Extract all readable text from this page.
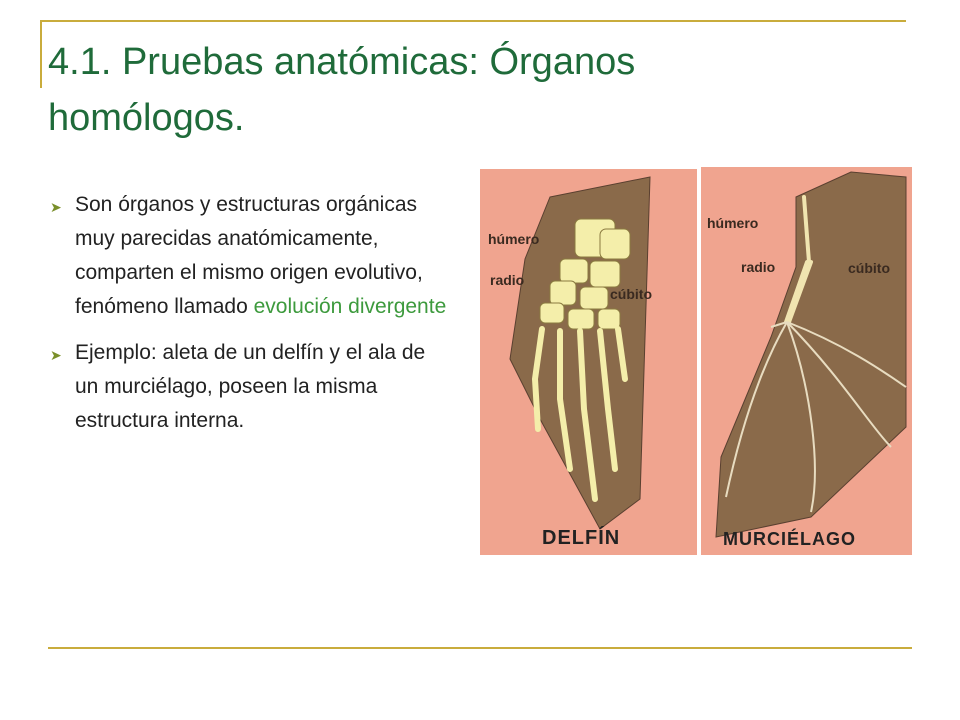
4.1. Pruebas anatómicas: Órganos
homólogos.
➤ Son órganos y estructuras orgánicas muy parecidas anatómicamente, comparten el mismo origen evolutivo, fenómeno llamado evolución divergente
➤ Ejemplo: aleta de un delfín y el ala de un murciélago, poseen la misma estructura interna.
húmero
radio
cúbito
DELFÍN
húmero
radio	cúbito
MURCIÉLAGO
